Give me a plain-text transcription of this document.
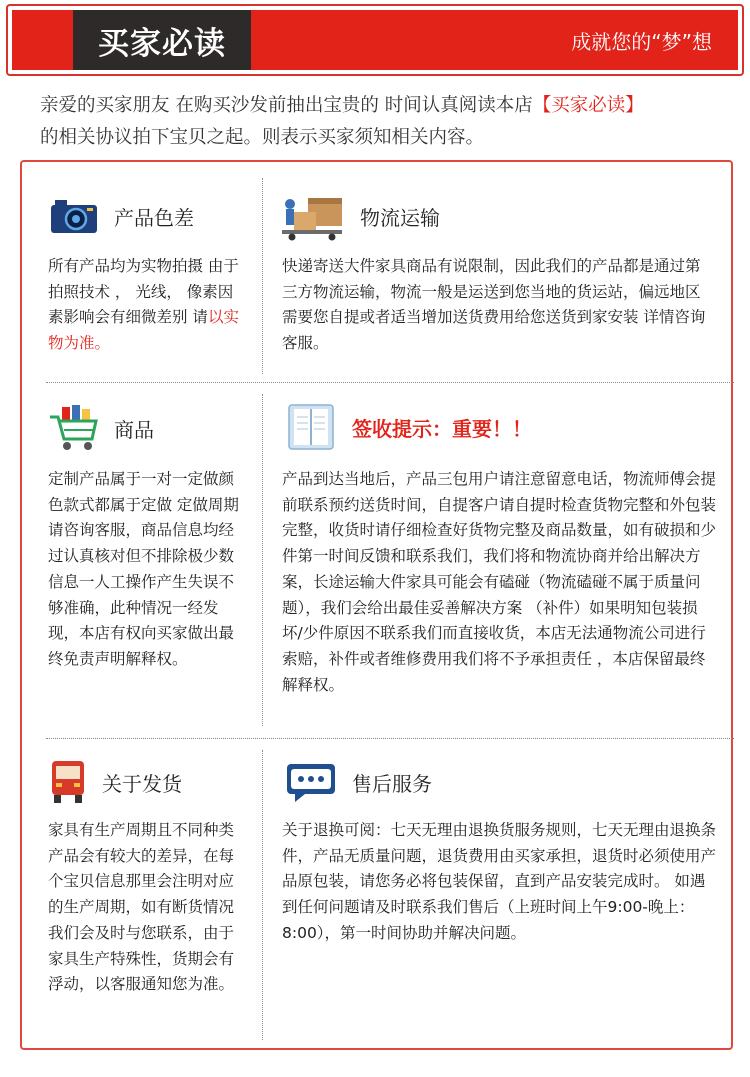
买家必读	成就您的“梦”想
亲爱的买家朋友 在购买沙发前抽出宝贵的 时间认真阅读本店【买家必读】
的相关协议拍下宝贝之起。则表示买家须知相关内容。
产品色差
所有产品均为实物拍摄 由于拍照技术 ， 光线， 像素因素影响会有细微差别 请以实物为准。
物流运输
快递寄送大件家具商品有说限制，因此我们的产品都是通过第三方物流运输，物流一般是运送到您当地的货运站，偏远地区需要您自提或者适当增加送货费用给您送货到家安装 详情咨询客服。
商品
定制产品属于一对一定做颜色款式都属于定做 定做周期请咨询客服，商品信息均经过认真核对但不排除极少数信息一人工操作产生失误不够准确，此种情况一经发现，本店有权向买家做出最终免责声明解释权。
签收提示：重要！！
产品到达当地后，产品三包用户请注意留意电话，物流师傅会提前联系预约送货时间，自提客户请自提时检查货物完整和外包装完整，收货时请仔细检查好货物完整及商品数量，如有破损和少件第一时间反馈和联系我们，我们将和物流协商并给出解决方案，长途运输大件家具可能会有磕碰（物流磕碰不属于质量问题），我们会给出最佳妥善解决方案 （补件）如果明知包装损坏/少件原因不联系我们而直接收货，本店无法通物流公司进行索赔，补件或者维修费用我们将不予承担责任 ，本店保留最终解释权。
关于发货
家具有生产周期且不同种类产品会有较大的差异，在每个宝贝信息那里会注明对应的生产周期，如有断货情况我们会及时与您联系，由于家具生产特殊性，货期会有浮动，以客服通知您为准。
售后服务
关于退换可阅：七天无理由退换货服务规则，七天无理由退换条件，产品无质量问题，退货费用由买家承担，退货时必须使用产品原包装，请您务必将包装保留，直到产品安装完成时。 如遇到任何问题请及时联系我们售后（上班时间上午9:00-晚上：8:00），第一时间协助并解决问题。
